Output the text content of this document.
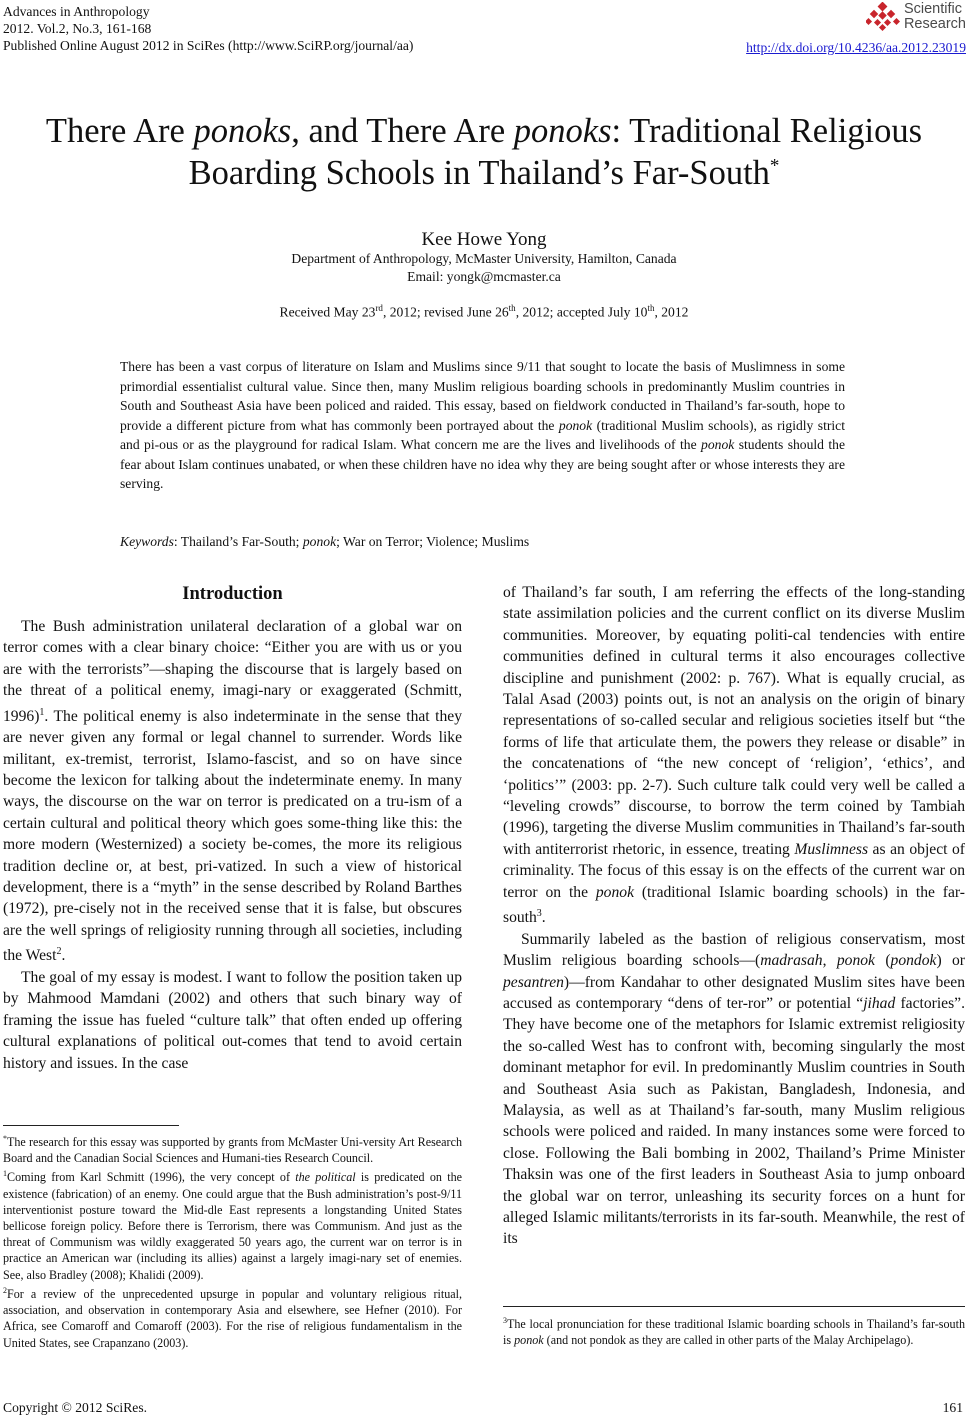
Advances in Anthropology
2012. Vol.2, No.3, 161-168
Published Online August 2012 in SciRes (http://www.SciRP.org/journal/aa)
Scientific
Research
http://dx.doi.org/10.4236/aa.2012.23019
There Are ponoks, and There Are ponoks: Traditional Religious
Boarding Schools in Thailand’s Far-South*
Kee Howe Yong
Department of Anthropology, McMaster University, Hamilton, Canada
Email: yongk@mcmaster.ca
Received May 23rd, 2012; revised June 26th, 2012; accepted July 10th, 2012
There has been a vast corpus of literature on Islam and Muslims since 9/11 that sought to locate the basis of Muslimness in some primordial essentialist cultural value. Since then, many Muslim religious boarding schools in predominantly Muslim countries in South and Southeast Asia have been policed and raided. This essay, based on fieldwork conducted in Thailand’s far-south, hope to provide a different picture from what has commonly been portrayed about the ponok (traditional Muslim schools), as rigidly strict and pi-ous or as the playground for radical Islam. What concern me are the lives and livelihoods of the ponok students should the fear about Islam continues unabated, or when these children have no idea why they are being sought after or whose interests they are serving.
Keywords: Thailand’s Far-South; ponok; War on Terror; Violence; Muslims
Introduction

The Bush administration unilateral declaration of a global war on terror comes with a clear binary choice: “Either you are with us or you are with the terrorists”—shaping the discourse that is largely based on the threat of a political enemy, imagi-nary or exaggerated (Schmitt, 1996)$^1$. The political enemy is also indeterminate in the sense that they are never given any formal or legal channel to surrender. Words like militant, ex-tremist, terrorist, Islamo-fascist, and so on have since become the lexicon for talking about the indeterminate enemy. In many ways, the discourse on the war on terror is predicated on a tru-ism of a certain cultural and political theory which goes some-thing like this: the more modern (Westernized) a society be-comes, the more its religious tradition decline or, at best, pri-vatized. In such a view of historical development, there is a “myth” in the sense described by Roland Barthes (1972), pre-cisely not in the received sense that it is false, but obscures are the well springs of religiosity running through all societies, including the West$^2$.

The goal of my essay is modest. I want to follow the position taken up by Mahmood Mamdani (2002) and others that such binary way of framing the issue has fueled “culture talk” that often ended up offering cultural explanations of political out-comes that tend to avoid certain history and issues. In the case

of Thailand’s far south, I am referring the effects of the long-standing state assimilation policies and the current conflict on its diverse Muslim communities. Moreover, by equating politi-cal tendencies with entire communities defined in cultural terms it also encourages collective discipline and punishment (2002: p. 767). What is equally crucial, as Talal Asad (2003) points out, is not an analysis on the origin of binary representations of so-called secular and religious societies itself but “the forms of life that articulate them, the powers they release or disable” in the concatenations of “the new concept of ‘religion’, ‘ethics’, and ‘politics’” (2003: pp. 2-7). Such culture talk could very well be called a “leveling crowds” discourse, to borrow the term coined by Tambiah (1996), targeting the diverse Muslim communities in Thailand’s far-south with antiterrorist rhetoric, in essence, treating Muslimness as an object of criminality. The focus of this essay is on the effects of the current war on terror on the ponok (traditional Islamic boarding schools) in the far-south$^3$.

Summarily labeled as the bastion of religious conservatism, most Muslim religious boarding schools—(madrasah, ponok (pondok) or pesantren)—from Kandahar to other designated Muslim sites have been accused as contemporary “dens of ter-ror” or potential “jihad factories”. They have become one of the metaphors for Islamic extremist religiosity the so-called West has to confront with, becoming singularly the most dominant metaphor for evil. In predominantly Muslim countries in South and Southeast Asia such as Pakistan, Bangladesh, Indonesia, and Malaysia, as well as at Thailand’s far-south, many Muslim religious schools were policed and raided. In many instances some were forced to close. Following the Bali bombing in 2002, Thailand’s Prime Minister Thaksin was one of the first leaders in Southeast Asia to jump onboard the global war on terror, unleashing its security forces on a hunt for alleged Islamic militants/terrorists in its far-south. Meanwhile, the rest of its

*The research for this essay was supported by grants from McMaster Uni-versity Art Research Board and the Canadian Social Sciences and Humani-ties Research Council.

$^1$Coming from Karl Schmitt (1996), the very concept of the political is predicated on the existence (fabrication) of an enemy. One could argue that the Bush administration’s post-9/11 interventionist posture toward the Mid-dle East represents a longstanding United States bellicose foreign policy. Before there is Terrorism, there was Communism. And just as the threat of Communism was wildly exaggerated 50 years ago, the current war on terror is in practice an American war (including its allies) against a largely imagi-nary set of enemies. See, also Bradley (2008); Khalidi (2009).

$^2$For a review of the unprecedented upsurge in popular and voluntary religious ritual, association, and observation in contemporary Asia and elsewhere, see Hefner (2010). For Africa, see Comaroff and Comaroff (2003). For the rise of religious fundamentalism in the United States, see Crapanzano (2003).

$^3$The local pronunciation for these traditional Islamic boarding schools in Thailand’s far-south is ponok (and not pondok as they are called in other parts of the Malay Archipelago).

Copyright © 2012 SciRes.	161
